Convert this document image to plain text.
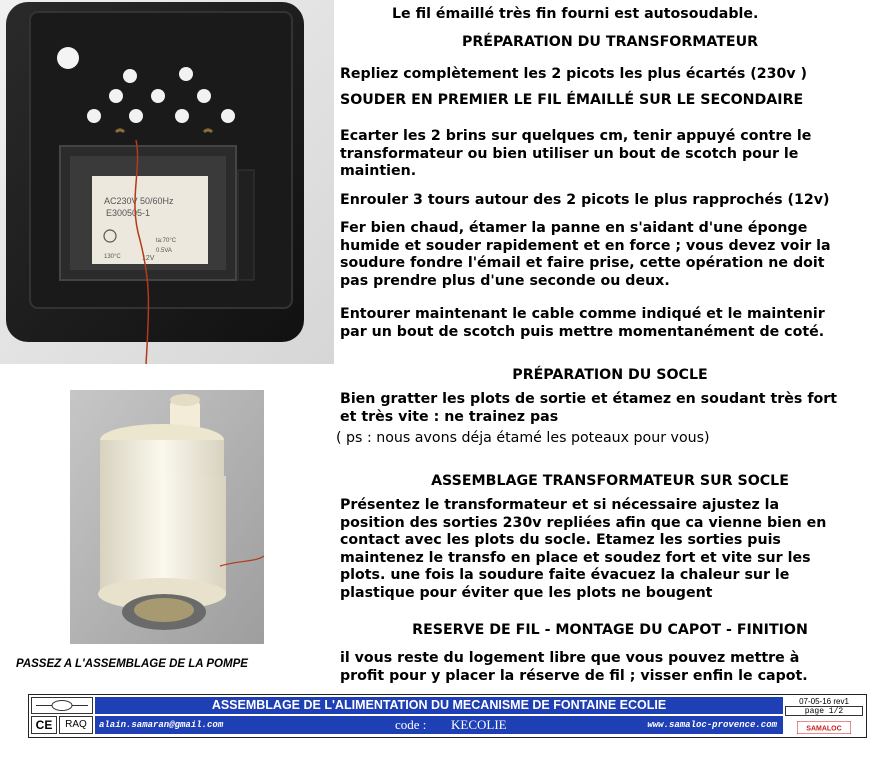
AC230V 50/60Hz
E300505-1
130°C
ta:70°C
0.5VA
12V
Le fil émaillé très fin fourni est autosoudable.
PRÉPARATION DU TRANSFORMATEUR
Repliez complètement les 2 picots les plus écartés (230v )
SOUDER EN PREMIER LE FIL ÉMAILLÉ SUR LE SECONDAIRE
Ecarter les 2 brins sur quelques cm, tenir appuyé contre le
transformateur ou bien utiliser un bout de scotch pour le
maintien.
Enrouler 3 tours autour des 2 picots le plus rapprochés (12v)
Fer bien chaud, étamer la panne en s'aidant d'une éponge
humide et souder rapidement et en force ; vous devez voir la
soudure fondre l'émail et faire prise, cette opération ne doit
pas prendre plus d'une seconde ou deux.
Entourer maintenant le cable comme indiqué et le maintenir
par un bout de scotch puis mettre momentanément de coté.
PRÉPARATION DU SOCLE
Bien gratter les plots de sortie et étamez en soudant très fort
et très vite : ne trainez pas
( ps : nous avons déja étamé les poteaux pour vous)
ASSEMBLAGE TRANSFORMATEUR SUR SOCLE
Présentez le transformateur et si nécessaire ajustez la
position des sorties 230v repliées afin que ca vienne bien en
contact avec les plots du socle. Etamez les sorties puis
maintenez le transfo en place et soudez fort et vite sur les
plots. une fois la soudure faite évacuez la chaleur sur le
plastique pour éviter que les plots ne bougent
RESERVE DE FIL - MONTAGE DU CAPOT - FINITION
il vous reste du logement libre que vous pouvez mettre à
profit pour y placer la réserve de fil ; visser enfin le capot.
PASSEZ A L'ASSEMBLAGE DE LA POMPE
CE	RAQ
ASSEMBLAGE DE L'ALIMENTATION DU MECANISME DE FONTAINE ECOLIE
alain.samaran@gmail.com	code : KECOLIE	www.samaloc-provence.com
07-05-16 rev1
page 1/2
SAMALOC
